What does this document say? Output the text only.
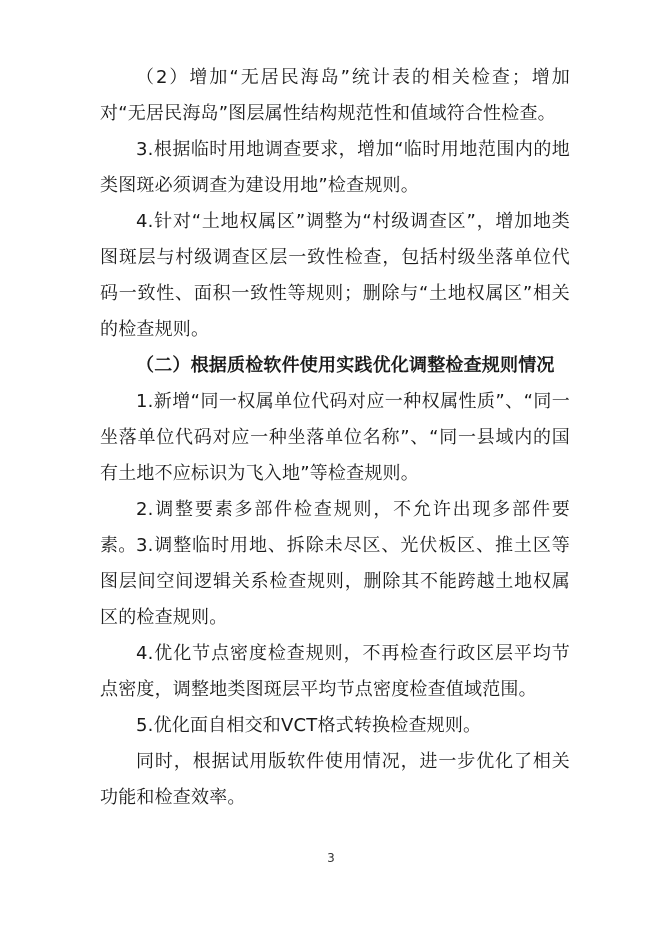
（2）增加“无居民海岛”统计表的相关检查；增加对“无居民海岛”图层属性结构规范性和值域符合性检查。

3.根据临时用地调查要求，增加“临时用地范围内的地类图斑必须调查为建设用地”检查规则。

4.针对“土地权属区”调整为“村级调查区”，增加地类图斑层与村级调查区层一致性检查，包括村级坐落单位代码一致性、面积一致性等规则；删除与“土地权属区”相关的检查规则。

（二）根据质检软件使用实践优化调整检查规则情况

1.新增“同一权属单位代码对应一种权属性质”、“同一坐落单位代码对应一种坐落单位名称”、“同一县域内的国有土地不应标识为飞入地”等检查规则。

2.调整要素多部件检查规则，不允许出现多部件要素。 3.调整临时用地、拆除未尽区、光伏板区、推土区等图层间空间逻辑关系检查规则，删除其不能跨越土地权属区的检查规则。

4.优化节点密度检查规则，不再检查行政区层平均节点密度，调整地类图斑层平均节点密度检查值域范围。

5.优化面自相交和VCT格式转换检查规则。

同时，根据试用版软件使用情况，进一步优化了相关功能和检查效率。

3
